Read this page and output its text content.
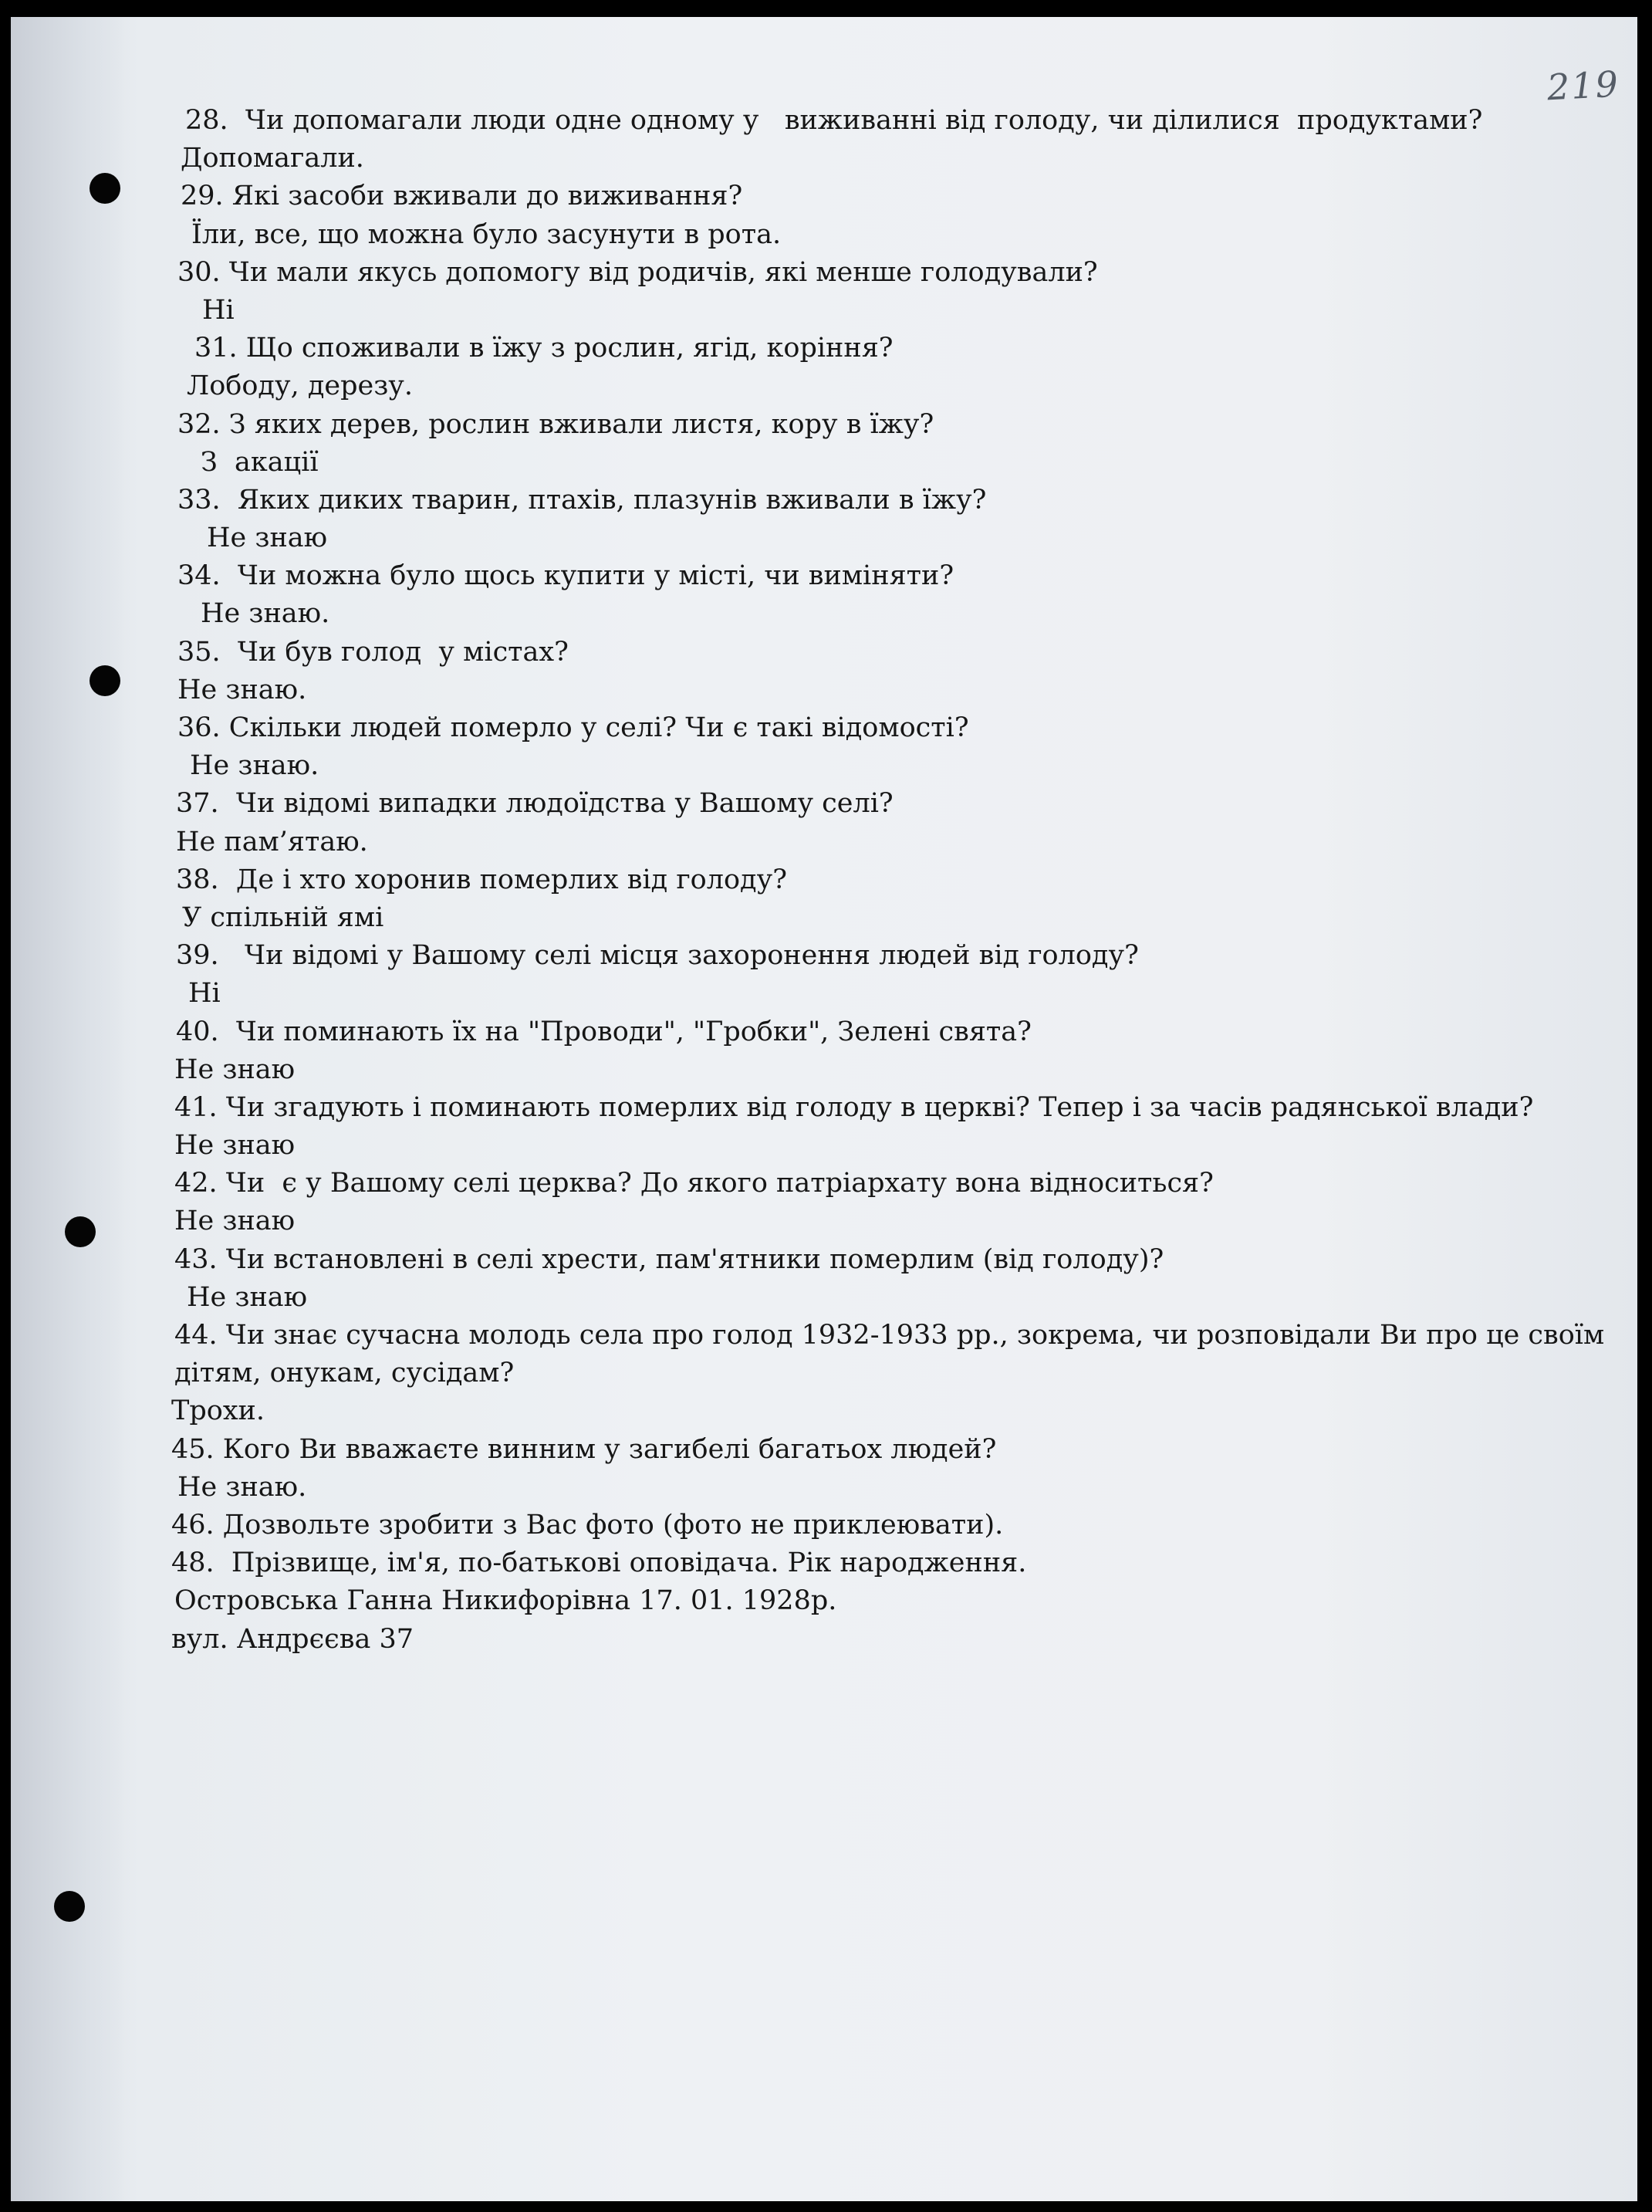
219
28.  Чи допомагали люди одне одному у   виживанні від голоду, чи ділилися  продуктами?
Допомагали.
29. Які засоби вживали до виживання?
Їли, все, що можна було засунути в рота.
30. Чи мали якусь допомогу від родичів, які менше голодували?
Ні
31. Що споживали в їжу з рослин, ягід, коріння?
Лободу, дерезу.
32. З яких дерев, рослин вживали листя, кору в їжу?
З  акації
33.  Яких диких тварин, птахів, плазунів вживали в їжу?
Не знаю
34.  Чи можна було щось купити у місті, чи виміняти?
Не знаю.
35.  Чи був голод  у містах?
Не знаю.
36. Скільки людей померло у селі? Чи є такі відомості?
Не знаю.
37.  Чи відомі випадки людоїдства у Вашому селі?
Не пам’ятаю.
38.  Де і хто хоронив померлих від голоду?
У спільній ямі
39.   Чи відомі у Вашому селі місця захоронення людей від голоду?
Ні
40.  Чи поминають їх на "Проводи", "Гробки", Зелені свята?
Не знаю
41. Чи згадують і поминають померлих від голоду в церкві? Тепер і за часів радянської влади?
Не знаю
42. Чи  є у Вашому селі церква? До якого патріархату вона відноситься?
Не знаю
43. Чи встановлені в селі хрести, пам'ятники померлим (від голоду)?
Не знаю
44. Чи знає сучасна молодь села про голод 1932-1933 рр., зокрема, чи розповідали Ви про це своїм
дітям, онукам, сусідам?
Трохи.
45. Кого Ви вважаєте винним у загибелі багатьох людей?
Не знаю.
46. Дозвольте зробити з Вас фото (фото не приклеювати).
48.  Прізвище, ім'я, по-батькові оповідача. Рік народження.
Островська Ганна Никифорівна 17. 01. 1928р.
вул. Андрєєва 37
